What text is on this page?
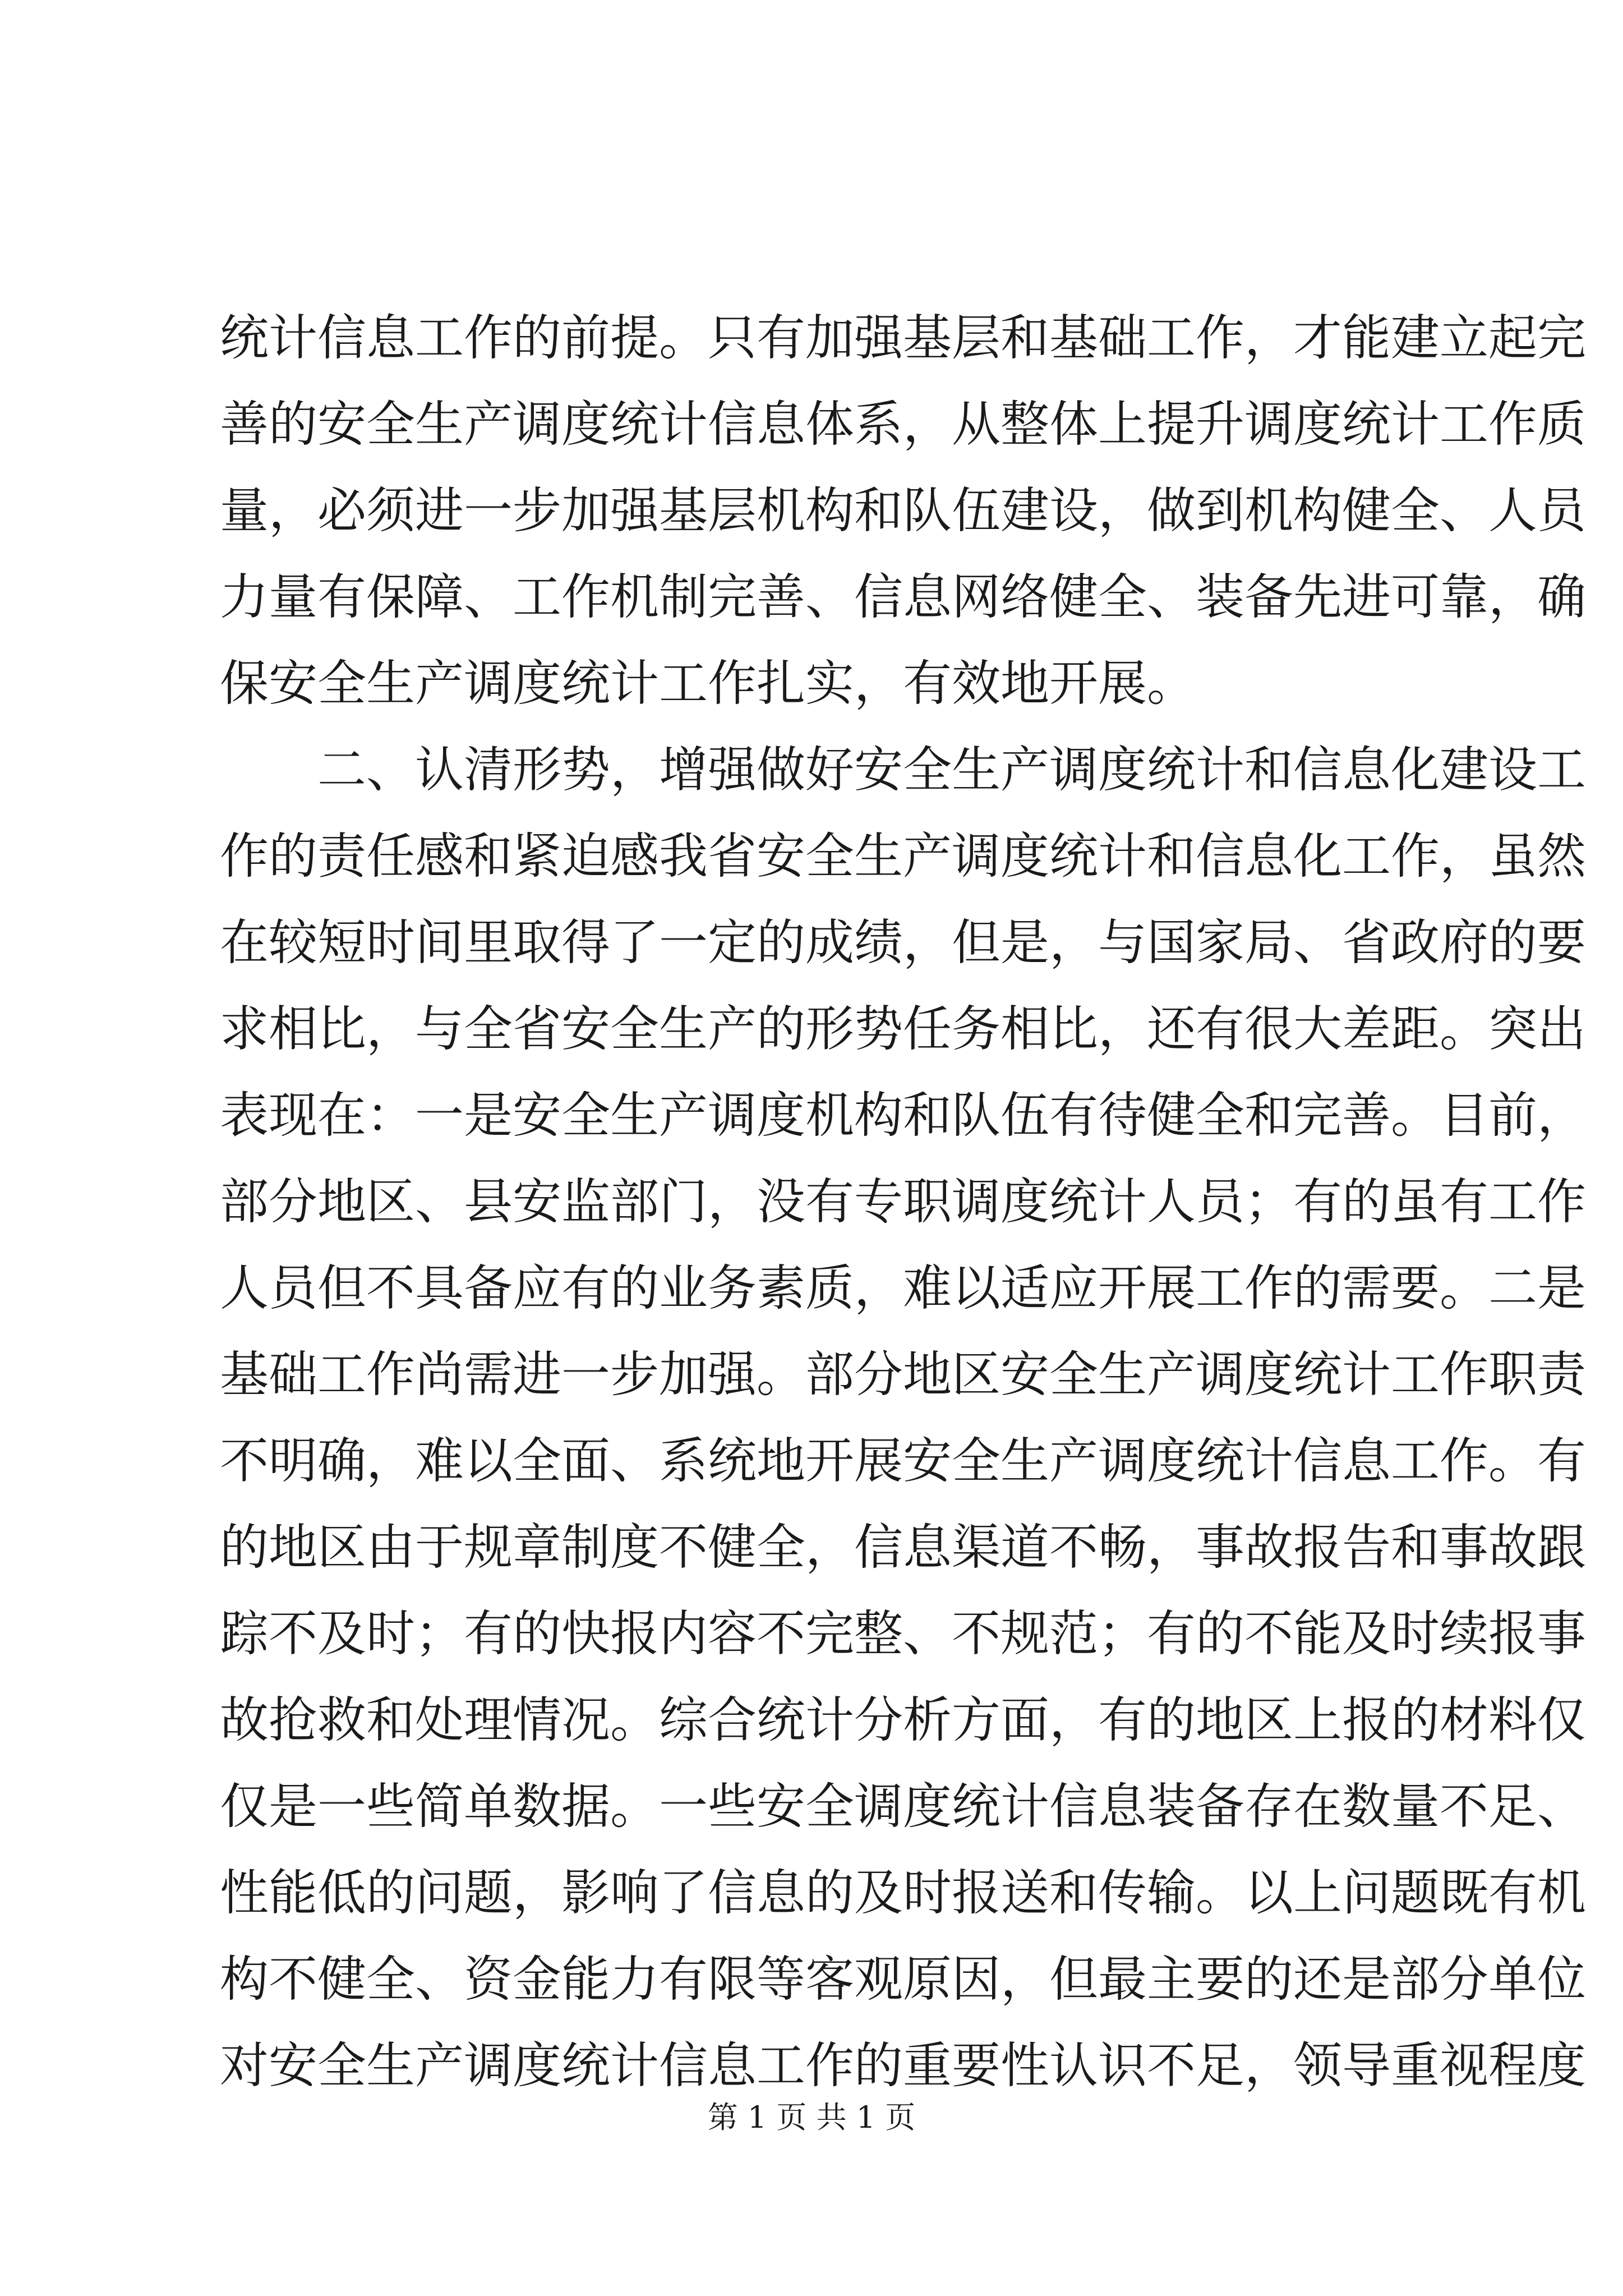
统计信息工作的前提。只有加强基层和基础工作，才能建立起完
善的安全生产调度统计信息体系，从整体上提升调度统计工作质
量，必须进一步加强基层机构和队伍建设，做到机构健全、人员
力量有保障、工作机制完善、信息网络健全、装备先进可靠，确
保安全生产调度统计工作扎实，有效地开展。
二、认清形势，增强做好安全生产调度统计和信息化建设工
作的责任感和紧迫感我省安全生产调度统计和信息化工作，虽然
在较短时间里取得了一定的成绩，但是，与国家局、省政府的要
求相比，与全省安全生产的形势任务相比，还有很大差距。突出
表现在：一是安全生产调度机构和队伍有待健全和完善。目前，
部分地区、县安监部门，没有专职调度统计人员；有的虽有工作
人员但不具备应有的业务素质，难以适应开展工作的需要。二是
基础工作尚需进一步加强。部分地区安全生产调度统计工作职责
不明确，难以全面、系统地开展安全生产调度统计信息工作。有
的地区由于规章制度不健全，信息渠道不畅，事故报告和事故跟
踪不及时；有的快报内容不完整、不规范；有的不能及时续报事
故抢救和处理情况。综合统计分析方面，有的地区上报的材料仅
仅是一些简单数据。一些安全调度统计信息装备存在数量不足、
性能低的问题，影响了信息的及时报送和传输。以上问题既有机
构不健全、资金能力有限等客观原因，但最主要的还是部分单位
对安全生产调度统计信息工作的重要性认识不足，领导重视程度
第 1 页 共 1 页
